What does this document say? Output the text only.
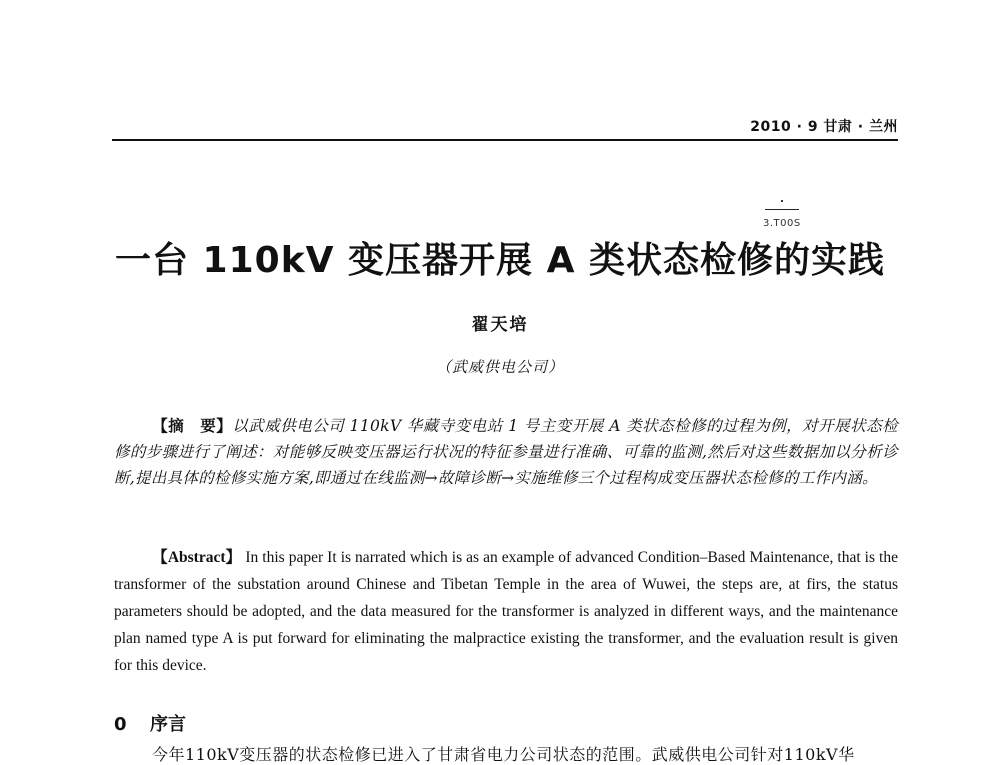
2010 · 9 甘肃 · 兰州
3.T00S
一台 110kV 变压器开展 A 类状态检修的实践
翟天培
（武威供电公司）
【摘　要】以武威供电公司 110kV 华藏寺变电站 1 号主变开展 A 类状态检修的过程为例，对开展状态检修的步骤进行了阐述：对能够反映变压器运行状况的特征参量进行准确、可靠的监测,然后对这些数据加以分析诊断,提出具体的检修实施方案,即通过在线监测→故障诊断→实施维修三个过程构成变压器状态检修的工作内涵。
【Abstract】 In this paper It is narrated which is as an example of advanced Condition–Based Maintenance, that is the transformer of the substation around Chinese and Tibetan Temple in the area of Wuwei, the steps are, at firs, the status parameters should be adopted, and the data measured for the transformer is analyzed in different ways, and the maintenance plan named type A is put forward for eliminating the malpractice existing the transformer, and the evaluation result is given for this device.
0 序言
今年110kV变压器的状态检修已进入了甘肃省电力公司状态的范围。武威供电公司针对110kV华
